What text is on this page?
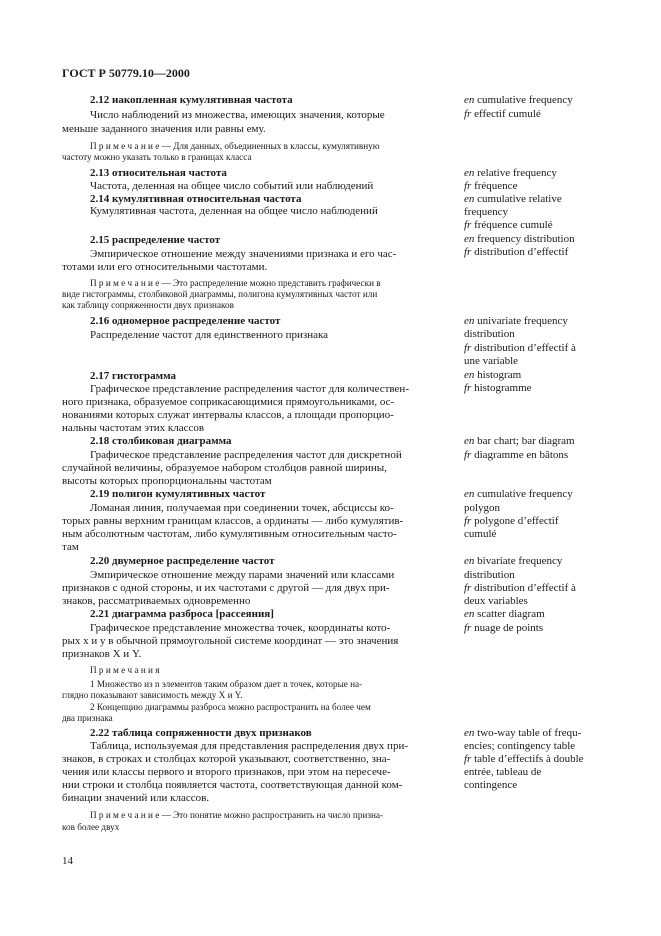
ГОСТ Р 50779.10—2000
2.12 накопленная кумулятивная частота
Число наблюдений из множества, имеющих значения, которые
меньше заданного значения или равны ему.
П р и м е ч а н и е — Для данных, объединенных в классы, кумулятивную
частоту можно указать только в границах класса
2.13 относительная частота
Частота, деленная на общее число событий или наблюдений
2.14 кумулятивная относительная частота
Кумулятивная частота, деленная на общее число наблюдений
2.15 распределение частот
Эмпирическое отношение между значениями признака и его час-
тотами или его относительными частотами.
П р и м е ч а н и е — Это распределение можно представить графически в
виде гистограммы, столбиковой диаграммы, полигона кумулятивных частот или
как таблицу сопряженности двух признаков
2.16 одномерное распределение частот
Распределение частот для единственного признака
2.17 гистограмма
Графическое представление распределения частот для количествен-
ного признака, образуемое соприкасающимися прямоугольниками, ос-
нованиями которых служат интервалы классов, а площади пропорцио-
нальны частотам этих классов
2.18 столбиковая диаграмма
Графическое представление распределения частот для дискретной
случайной величины, образуемое набором столбцов равной ширины,
высоты которых пропорциональны частотам
2.19 полигон кумулятивных частот
Ломаная линия, получаемая при соединении точек, абсциссы ко-
торых равны верхним границам классов, а ординаты — либо кумулятив-
ным абсолютным частотам, либо кумулятивным относительным часто-
там
2.20 двумерное распределение частот
Эмпирическое отношение между парами значений или классами
признаков с одной стороны, и их частотами с другой — для двух при-
знаков, рассматриваемых одновременно
2.21 диаграмма разброса [рассеяния]
Графическое представление множества точек, координаты кото-
рых x и y в обычной прямоугольной системе координат — это значения
признаков X и Y.
П р и м е ч а н и я
1 Множество из n элементов таким образом дает n точек, которые на-
глядно показывают зависимость между X и Y.
2 Концепцию диаграммы разброса можно распространить на более чем
два признака
2.22 таблица сопряженности двух признаков
Таблица, используемая для представления распределения двух при-
знаков, в строках и столбцах которой указывают, соответственно, зна-
чения или классы первого и второго признаков, при этом на пересече-
нии строки и столбца появляется частота, соответствующая данной ком-
бинации значений или классов.
П р и м е ч а н и е — Это понятие можно распространить на число призна-
ков более двух
en cumulative frequency
fr effectif cumulé
en relative frequency
fr fréquence
en cumulative relative
frequency
fr fréquence cumulé
en frequency distribution
fr distribution d’effectif
en univariate frequency
distribution
fr distribution d’effectif à
une variable
en histogram
fr histogramme
en bar chart; bar diagram
fr diagramme en bâtons
en cumulative frequency
polygon
fr polygone d’effectif
cumulé
en bivariate frequency
distribution
fr distribution d’effectif à
deux variables
en scatter diagram
fr nuage de points
en two-way table of frequ-
encies; contingency table
fr table d’effectifs à double
entrée, tableau de
contingence
14
